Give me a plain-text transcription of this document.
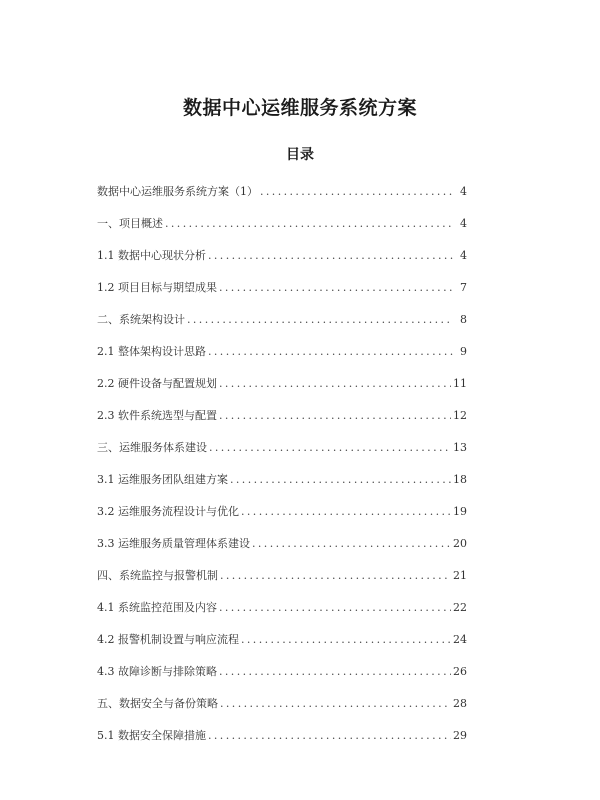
数据中心运维服务系统方案
目录
数据中心运维服务系统方案（1） .....	4
一、项目概述 .....	4
1.1 数据中心现状分析 .....	4
1.2 项目目标与期望成果 .....	7
二、系统架构设计 .....	8
2.1 整体架构设计思路 .....	9
2.2 硬件设备与配置规划 .....	11
2.3 软件系统选型与配置 .....	12
三、运维服务体系建设 .....	13
3.1 运维服务团队组建方案 .....	18
3.2 运维服务流程设计与优化 .....	19
3.3 运维服务质量管理体系建设 .....	20
四、系统监控与报警机制 .....	21
4.1 系统监控范围及内容 .....	22
4.2 报警机制设置与响应流程 .....	24
4.3 故障诊断与排除策略 .....	26
五、数据安全与备份策略 .....	28
5.1 数据安全保障措施 .....	29
